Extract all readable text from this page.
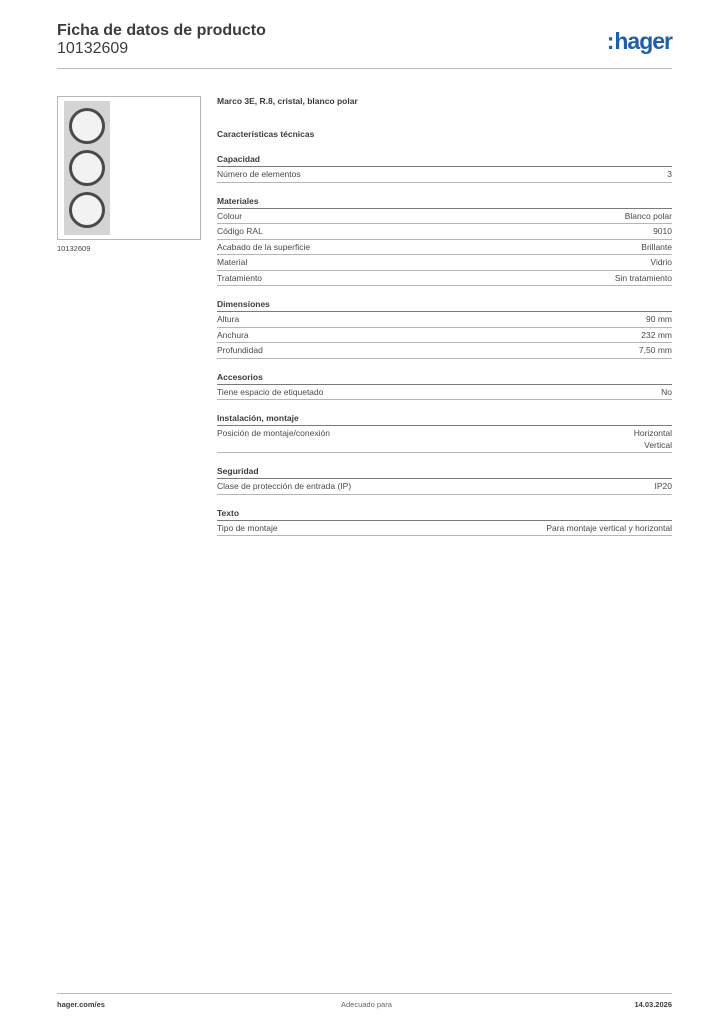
Ficha de datos de producto
10132609	:hager
10132609
Marco 3E, R.8, cristal, blanco polar
Características técnicas
Capacidad
Número de elementos	3
Materiales
Colour	Blanco polar
Código RAL	9010
Acabado de la superficie	Brillante
Material	Vidrio
Tratamiento	Sin tratamiento
Dimensiones
Altura	90 mm
Anchura	232 mm
Profundidad	7,50 mm
Accesorios
Tiene espacio de etiquetado	No
Instalación, montaje
Posición de montaje/conexión	Horizontal
Vertical
Seguridad
Clase de protección de entrada (IP)	IP20
Texto
Tipo de montaje	Para montaje vertical y horizontal
hager.com/es	Adecuado para	14.03.2026
